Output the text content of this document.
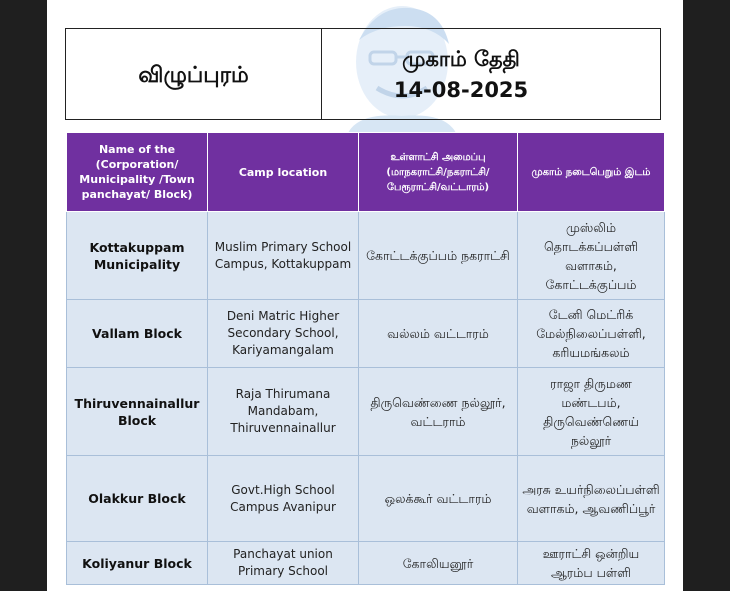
விழுப்புரம்
முகாம் தேதி
14-08-2025
Name of the (Corporation/ Municipality /Town panchayat/ Block)	Camp location	உள்ளாட்சி அமைப்பு (மாநகராட்சி/நகராட்சி/ பேரூராட்சி/வட்டாரம்)	முகாம் நடைபெறும் இடம்
Kottakuppam Municipality	Muslim Primary School Campus, Kottakuppam	கோட்டக்குப்பம் நகராட்சி	முஸ்லிம் தொடக்கப்பள்ளி வளாகம், கோட்டக்குப்பம்
Vallam Block	Deni Matric Higher Secondary School, Kariyamangalam	வல்லம் வட்டாரம்	டேனி மெட்ரிக் மேல்நிலைப்பள்ளி, கரியமங்கலம்
Thiruvennainallur Block	Raja Thirumana Mandabam, Thiruvennainallur	திருவெண்ணை நல்லூர், வட்டராம்	ராஜா திருமண மண்டபம், திருவெண்ணெய் நல்லூர்
Olakkur Block	Govt.High School Campus Avanipur	ஒலக்கூர் வட்டாரம்	அரசு உயர்நிலைப்பள்ளி வளாகம், ஆவணிப்பூர்
Koliyanur Block	Panchayat union Primary School	கோலியனூர்	ஊராட்சி ஒன்றிய ஆரம்ப பள்ளி
